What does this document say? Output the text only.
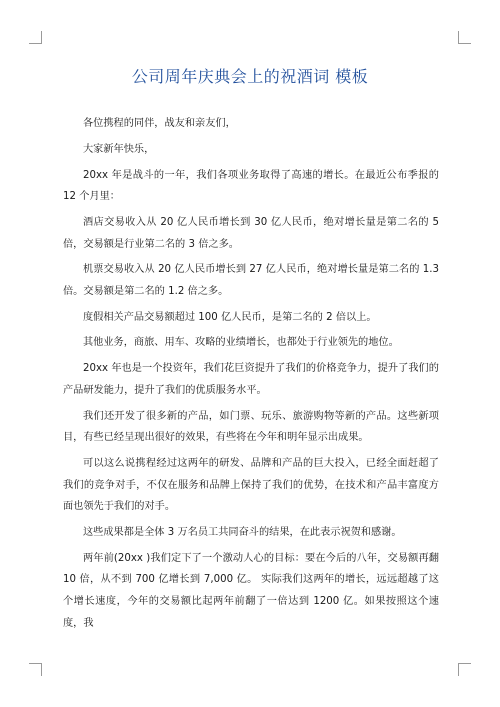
公司周年庆典会上的祝酒词 模板

各位携程的同伴，战友和亲友们，

大家新年快乐，

20xx 年是战斗的一年，我们各项业务取得了高速的增长。在最近公布季报的 12 个月里：

酒店交易收入从 20 亿人民币增长到 30 亿人民币，绝对增长量是第二名的 5 倍，交易额是行业第二名的 3 倍之多。

机票交易收入从 20 亿人民币增长到 27 亿人民币，绝对增长量是第二名的 1.3 倍。交易额是第二名的 1.2 倍之多。

度假相关产品交易额超过 100 亿人民币，是第二名的 2 倍以上。

其他业务，商旅、用车、攻略的业绩增长，也都处于行业领先的地位。

20xx 年也是一个投资年，我们花巨资提升了我们的价格竞争力，提升了我们的产品研发能力，提升了我们的优质服务水平。

我们还开发了很多新的产品，如门票、玩乐、旅游购物等新的产品。这些新项目，有些已经呈现出很好的效果，有些将在今年和明年显示出成果。

可以这么说携程经过这两年的研发、品牌和产品的巨大投入，已经全面赶超了我们的竞争对手，不仅在服务和品牌上保持了我们的优势，在技术和产品丰富度方面也领先于我们的对手。

这些成果都是全体 3 万名员工共同奋斗的结果，在此表示祝贺和感谢。

两年前(20xx )我们定下了一个激动人心的目标：要在今后的八年，交易额再翻 10 倍，从不到 700 亿增长到 7,000 亿。 实际我们这两年的增长，远远超越了这个增长速度，今年的交易额比起两年前翻了一倍达到 1200 亿。如果按照这个速度，我
